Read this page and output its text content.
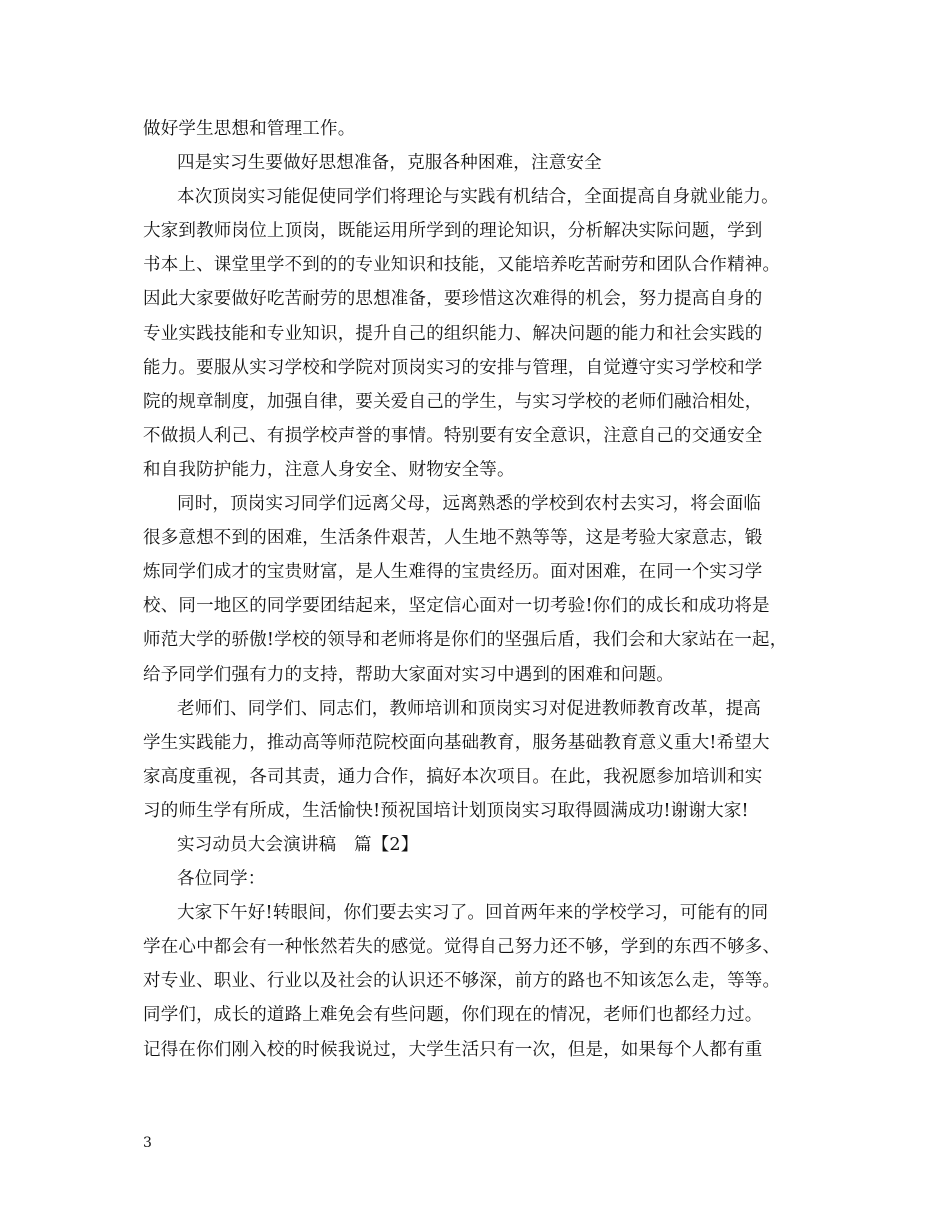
做好学生思想和管理工作。
四是实习生要做好思想准备，克服各种困难，注意安全
本次顶岗实习能促使同学们将理论与实践有机结合，全面提高自身就业能力。
大家到教师岗位上顶岗，既能运用所学到的理论知识，分析解决实际问题，学到
书本上、课堂里学不到的的专业知识和技能，又能培养吃苦耐劳和团队合作精神。
因此大家要做好吃苦耐劳的思想准备，要珍惜这次难得的机会，努力提高自身的
专业实践技能和专业知识，提升自己的组织能力、解决问题的能力和社会实践的
能力。要服从实习学校和学院对顶岗实习的安排与管理，自觉遵守实习学校和学
院的规章制度，加强自律，要关爱自己的学生，与实习学校的老师们融洽相处，
不做损人利己、有损学校声誉的事情。特别要有安全意识，注意自己的交通安全
和自我防护能力，注意人身安全、财物安全等。
同时，顶岗实习同学们远离父母，远离熟悉的学校到农村去实习，将会面临
很多意想不到的困难，生活条件艰苦，人生地不熟等等，这是考验大家意志，锻
炼同学们成才的宝贵财富，是人生难得的宝贵经历。面对困难，在同一个实习学
校、同一地区的同学要团结起来，坚定信心面对一切考验!你们的成长和成功将是
师范大学的骄傲!学校的领导和老师将是你们的坚强后盾，我们会和大家站在一起，
给予同学们强有力的支持，帮助大家面对实习中遇到的困难和问题。
老师们、同学们、同志们，教师培训和顶岗实习对促进教师教育改革，提高
学生实践能力，推动高等师范院校面向基础教育，服务基础教育意义重大!希望大
家高度重视，各司其责，通力合作，搞好本次项目。在此，我祝愿参加培训和实
习的师生学有所成，生活愉快!预祝国培计划顶岗实习取得圆满成功!谢谢大家!
实习动员大会演讲稿　篇【2】
各位同学：
大家下午好!转眼间，你们要去实习了。回首两年来的学校学习，可能有的同
学在心中都会有一种怅然若失的感觉。觉得自己努力还不够，学到的东西不够多、
对专业、职业、行业以及社会的认识还不够深，前方的路也不知该怎么走，等等。
同学们，成长的道路上难免会有些问题，你们现在的情况，老师们也都经力过。
记得在你们刚入校的时候我说过，大学生活只有一次，但是，如果每个人都有重
3
